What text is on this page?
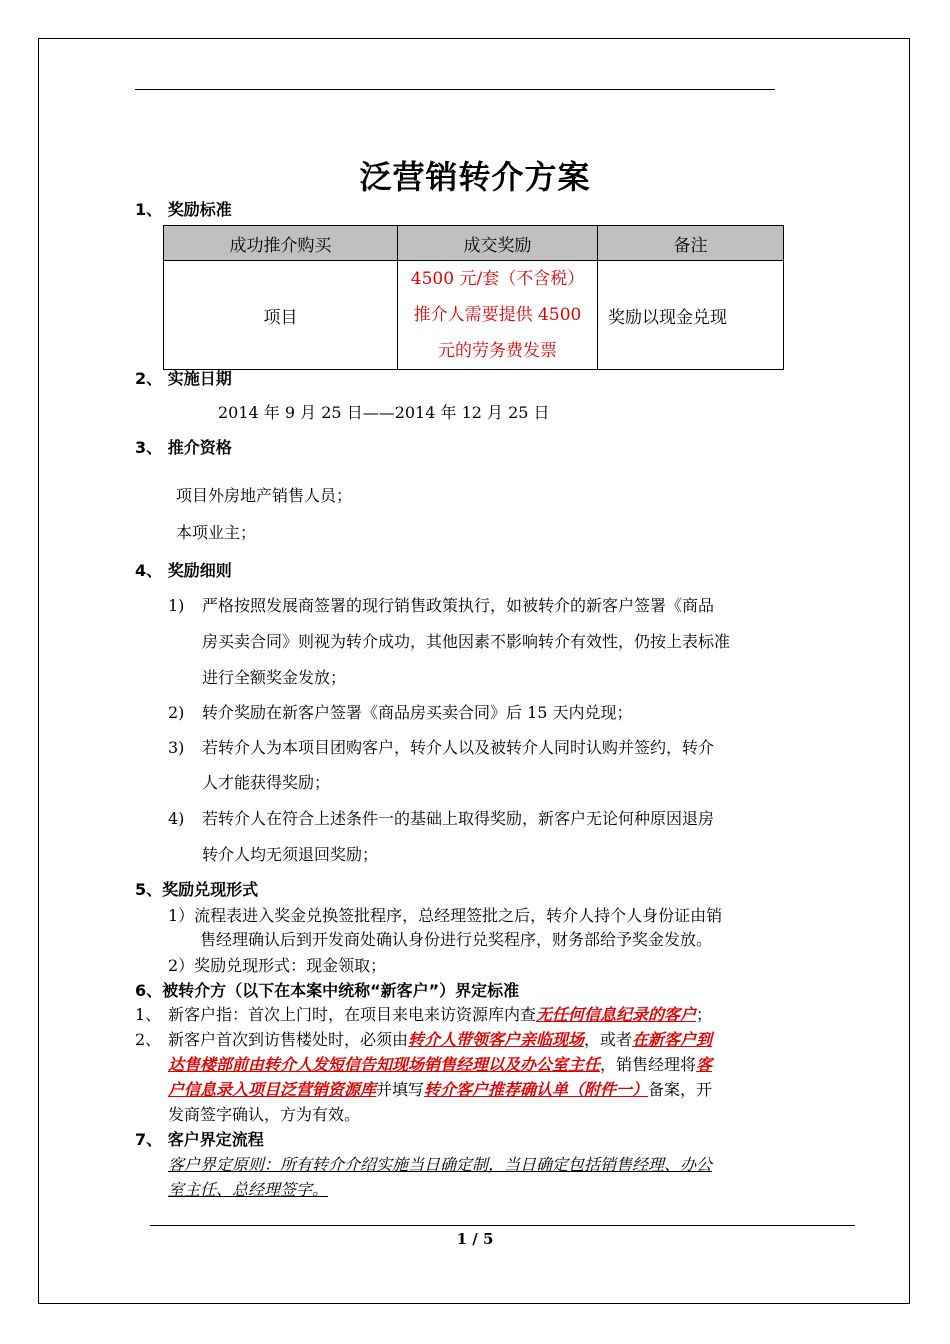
泛营销转介方案
1、 奖励标准
成功推介购买	成交奖励	备注
项目	4500 元/套（不含税）
推介人需要提供 4500
元的劳务费发票	奖励以现金兑现
2、 实施日期
2014 年 9 月 25 日——2014 年 12 月 25 日
3、 推介资格
项目外房地产销售人员；
本项业主；
4、 奖励细则
1) 严格按照发展商签署的现行销售政策执行，如被转介的新客户签署《商品
房买卖合同》则视为转介成功，其他因素不影响转介有效性，仍按上表标准
进行全额奖金发放；
2) 转介奖励在新客户签署《商品房买卖合同》后 15 天内兑现；
3) 若转介人为本项目团购客户，转介人以及被转介人同时认购并签约，转介
人才能获得奖励；
4) 若转介人在符合上述条件一的基础上取得奖励，新客户无论何种原因退房
转介人均无须退回奖励；
5、奖励兑现形式
1）流程表进入奖金兑换签批程序，总经理签批之后，转介人持个人身份证由销
售经理确认后到开发商处确认身份进行兑奖程序，财务部给予奖金发放。
2）奖励兑现形式：现金领取；
6、被转介方（以下在本案中统称“新客户”）界定标准
1、 新客户指：首次上门时，在项目来电来访资源库内查无任何信息纪录的客户；
2、 新客户首次到访售楼处时，必须由转介人带领客户亲临现场，或者在新客户到
达售楼部前由转介人发短信告知现场销售经理以及办公室主任，销售经理将客
户信息录入项目泛营销资源库并填写转介客户推荐确认单（附件一）备案，开
发商签字确认，方为有效。
7、 客户界定流程
客户界定原则：所有转介介绍实施当日确定制，当日确定包括销售经理、办公
室主任、总经理签字。
1 / 5
